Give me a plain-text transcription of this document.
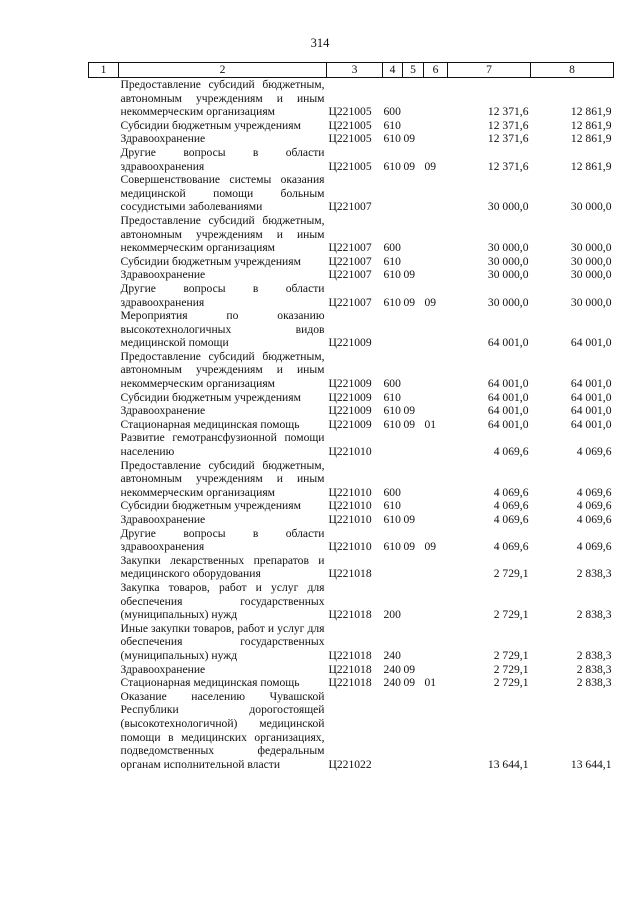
314
1	2	3	4	5	6	7	8
	Предоставление субсидий бюджетным, автономным учреждениям и иным некоммерческим организациям	Ц221005	600			12 371,6	12 861,9
	Субсидии бюджетным учреждениям	Ц221005	610			12 371,6	12 861,9
	Здравоохранение	Ц221005	610	09		12 371,6	12 861,9
	Другие вопросы в области здравоохранения	Ц221005	610	09	09	12 371,6	12 861,9
	Совершенствование системы оказания медицинской помощи больным сосудистыми заболеваниями	Ц221007				30 000,0	30 000,0
	Предоставление субсидий бюджетным, автономным учреждениям и иным некоммерческим организациям	Ц221007	600			30 000,0	30 000,0
	Субсидии бюджетным учреждениям	Ц221007	610			30 000,0	30 000,0
	Здравоохранение	Ц221007	610	09		30 000,0	30 000,0
	Другие вопросы в области здравоохранения	Ц221007	610	09	09	30 000,0	30 000,0
	Мероприятия по оказанию высокотехнологичных видов медицинской помощи	Ц221009				64 001,0	64 001,0
	Предоставление субсидий бюджетным, автономным учреждениям и иным некоммерческим организациям	Ц221009	600			64 001,0	64 001,0
	Субсидии бюджетным учреждениям	Ц221009	610			64 001,0	64 001,0
	Здравоохранение	Ц221009	610	09		64 001,0	64 001,0
	Стационарная медицинская помощь	Ц221009	610	09	01	64 001,0	64 001,0
	Развитие гемотрансфузионной помощи населению	Ц221010				4 069,6	4 069,6
	Предоставление субсидий бюджетным, автономным учреждениям и иным некоммерческим организациям	Ц221010	600			4 069,6	4 069,6
	Субсидии бюджетным учреждениям	Ц221010	610			4 069,6	4 069,6
	Здравоохранение	Ц221010	610	09		4 069,6	4 069,6
	Другие вопросы в области здравоохранения	Ц221010	610	09	09	4 069,6	4 069,6
	Закупки лекарственных препаратов и медицинского оборудования	Ц221018				2 729,1	2 838,3
	Закупка товаров, работ и услуг для обеспечения государственных (муниципальных) нужд	Ц221018	200			2 729,1	2 838,3
	Иные закупки товаров, работ и услуг для обеспечения государственных (муниципальных) нужд	Ц221018	240			2 729,1	2 838,3
	Здравоохранение	Ц221018	240	09		2 729,1	2 838,3
	Стационарная медицинская помощь	Ц221018	240	09	01	2 729,1	2 838,3
	Оказание населению Чувашской Республики дорогостоящей (высокотехнологичной) медицинской помощи в медицинских организациях, подведомственных федеральным органам исполнительной власти	Ц221022				13 644,1	13 644,1
